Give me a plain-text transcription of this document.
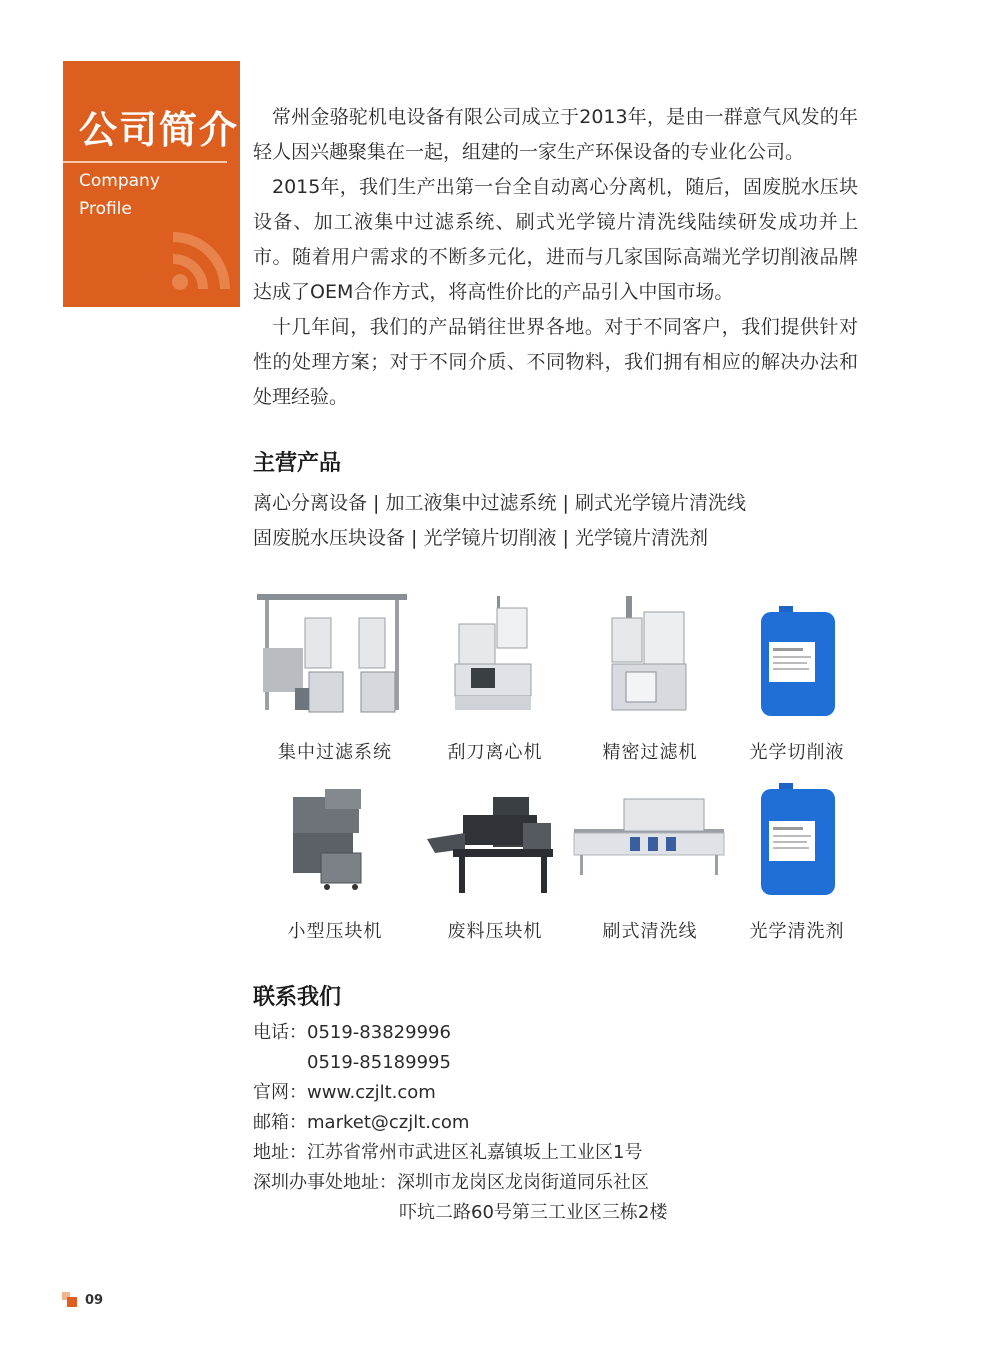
公司简介
Company
Profile

常州金骆驼机电设备有限公司成立于2013年，是由一群意气风发的年轻人因兴趣聚集在一起，组建的一家生产环保设备的专业化公司。

2015年，我们生产出第一台全自动离心分离机，随后，固废脱水压块设备、加工液集中过滤系统、刷式光学镜片清洗线陆续研发成功并上市。随着用户需求的不断多元化，进而与几家国际高端光学切削液品牌达成了OEM合作方式，将高性价比的产品引入中国市场。

十几年间，我们的产品销往世界各地。对于不同客户，我们提供针对性的处理方案；对于不同介质、不同物料，我们拥有相应的解决办法和处理经验。

主营产品
离心分离设备 | 加工液集中过滤系统 | 刷式光学镜片清洗线
固废脱水压块设备 | 光学镜片切削液 | 光学镜片清洗剂
集中过滤系统	刮刀离心机	精密过滤机	光学切削液
小型压块机	废料压块机	刷式清洗线	光学清洗剂
联系我们
电话：0519-83829996
0519-85189995
官网：www.czjlt.com
邮箱：market@czjlt.com
地址：江苏省常州市武进区礼嘉镇坂上工业区1号
深圳办事处地址：深圳市龙岗区龙岗街道同乐社区
吓坑二路60号第三工业区三栋2楼
09
